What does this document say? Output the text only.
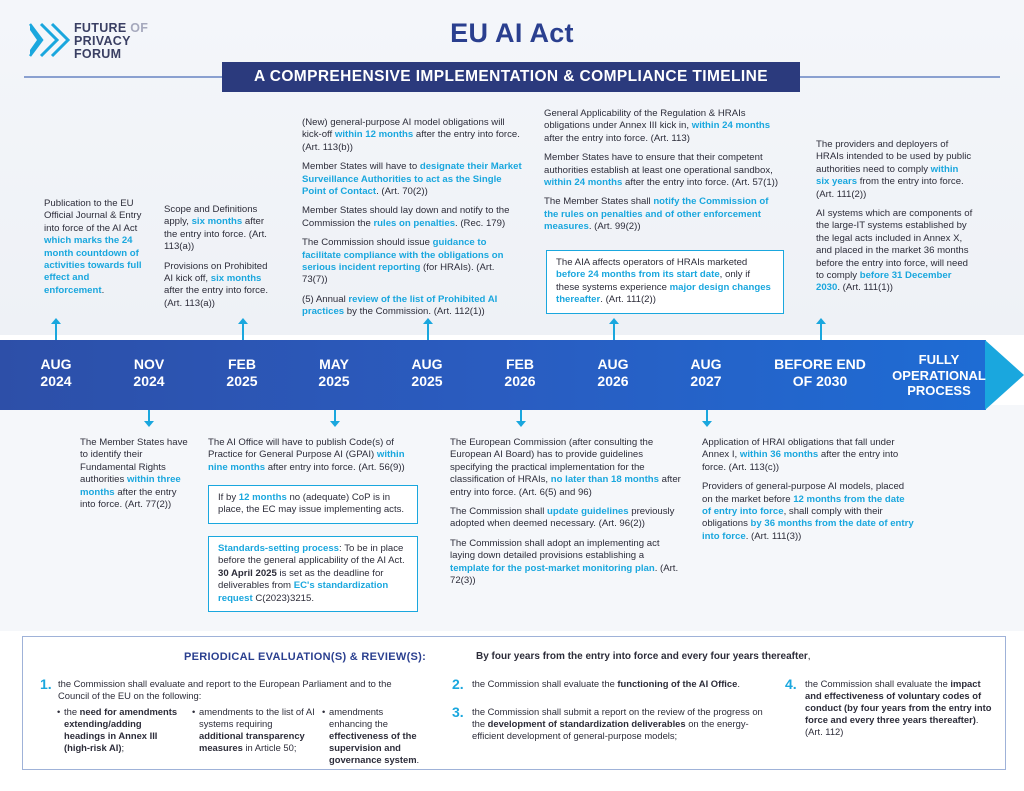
FUTURE OF
PRIVACY
FORUM
EU AI Act
A COMPREHENSIVE IMPLEMENTATION & COMPLIANCE TIMELINE
Publication to the EU Official Journal & Entry into force of the AI Act which marks the 24 month countdown of activities towards full effect and enforcement.

Scope and Definitions apply, six months after the entry into force. (Art. 113(a))

Provisions on Prohibited AI kick off, six months after the entry into force. (Art. 113(a))

(New) general-purpose AI model obligations will kick-off within 12 months after the entry into force. (Art. 113(b))

Member States will have to designate their Market Surveillance Authorities to act as the Single Point of Contact. (Art. 70(2))

Member States should lay down and notify to the Commission the rules on penalties. (Rec. 179)

The Commission should issue guidance to facilitate compliance with the obligations on serious incident reporting (for HRAIs). (Art. 73(7))

(5) Annual review of the list of Prohibited AI practices by the Commission. (Art. 112(1))

General Applicability of the Regulation & HRAIs obligations under Annex III kick in, within 24 months after the entry into force. (Art. 113)

Member States have to ensure that their competent authorities establish at least one operational sandbox, within 24 months after the entry into force. (Art. 57(1))

The Member States shall notify the Commission of the rules on penalties and of other enforcement measures. (Art. 99(2))

The AIA affects operators of HRAIs marketed before 24 months from its start date, only if these systems experience major design changes thereafter. (Art. 111(2))

The providers and deployers of HRAIs intended to be used by public authorities need to comply within six years from the entry into force. (Art. 111(2))

AI systems which are components of the large-IT systems established by the legal acts included in Annex X, and placed in the market 36 months before the entry into force, will need to comply before 31 December 2030. (Art. 111(1))

AUG
2024
NOV
2024
FEB
2025
MAY
2025
AUG
2025
FEB
2026
AUG
2026
AUG
2027
BEFORE END
OF 2030
FULLY
OPERATIONAL
PROCESS
The Member States have to identify their Fundamental Rights authorities within three months after the entry into force. (Art. 77(2))
The AI Office will have to publish Code(s) of Practice for General Purpose AI (GPAI) within nine months after entry into force. (Art. 56(9))
If by 12 months no (adequate) CoP is in place, the EC may issue implementing acts.
Standards-setting process: To be in place before the general applicability of the AI Act. 30 April 2025 is set as the deadline for deliverables from EC's standardization request C(2023)3215.

The European Commission (after consulting the European AI Board) has to provide guidelines specifying the practical implementation for the classification of HRAIs, no later than 18 months after entry into force. (Art. 6(5) and 96)

The Commission shall update guidelines previously adopted when deemed necessary. (Art. 96(2))

The Commission shall adopt an implementing act laying down detailed provisions establishing a template for the post-market monitoring plan. (Art. 72(3))

Application of HRAI obligations that fall under Annex I, within 36 months after the entry into force. (Art. 113(c))

Providers of general-purpose AI models, placed on the market before 12 months from the date of entry into force, shall comply with their obligations by 36 months from the date of entry into force. (Art. 111(3))

PERIODICAL EVALUATION(S) & REVIEW(S):	By four years from the entry into force and every four years thereafter,
1. the Commission shall evaluate and report to the European Parliament and to the Council of the EU on the following:
• the need for amendments extending/adding headings in Annex III (high-risk AI);
• amendments to the list of AI systems requiring additional transparency measures in Article 50;
• amendments enhancing the effectiveness of the supervision and governance system.
2. the Commission shall evaluate the functioning of the AI Office.
3. the Commission shall submit a report on the review of the progress on the development of standardization deliverables on the energy-efficient development of general-purpose models;
4. the Commission shall evaluate the impact and effectiveness of voluntary codes of conduct (by four years from the entry into force and every three years thereafter). (Art. 112)
